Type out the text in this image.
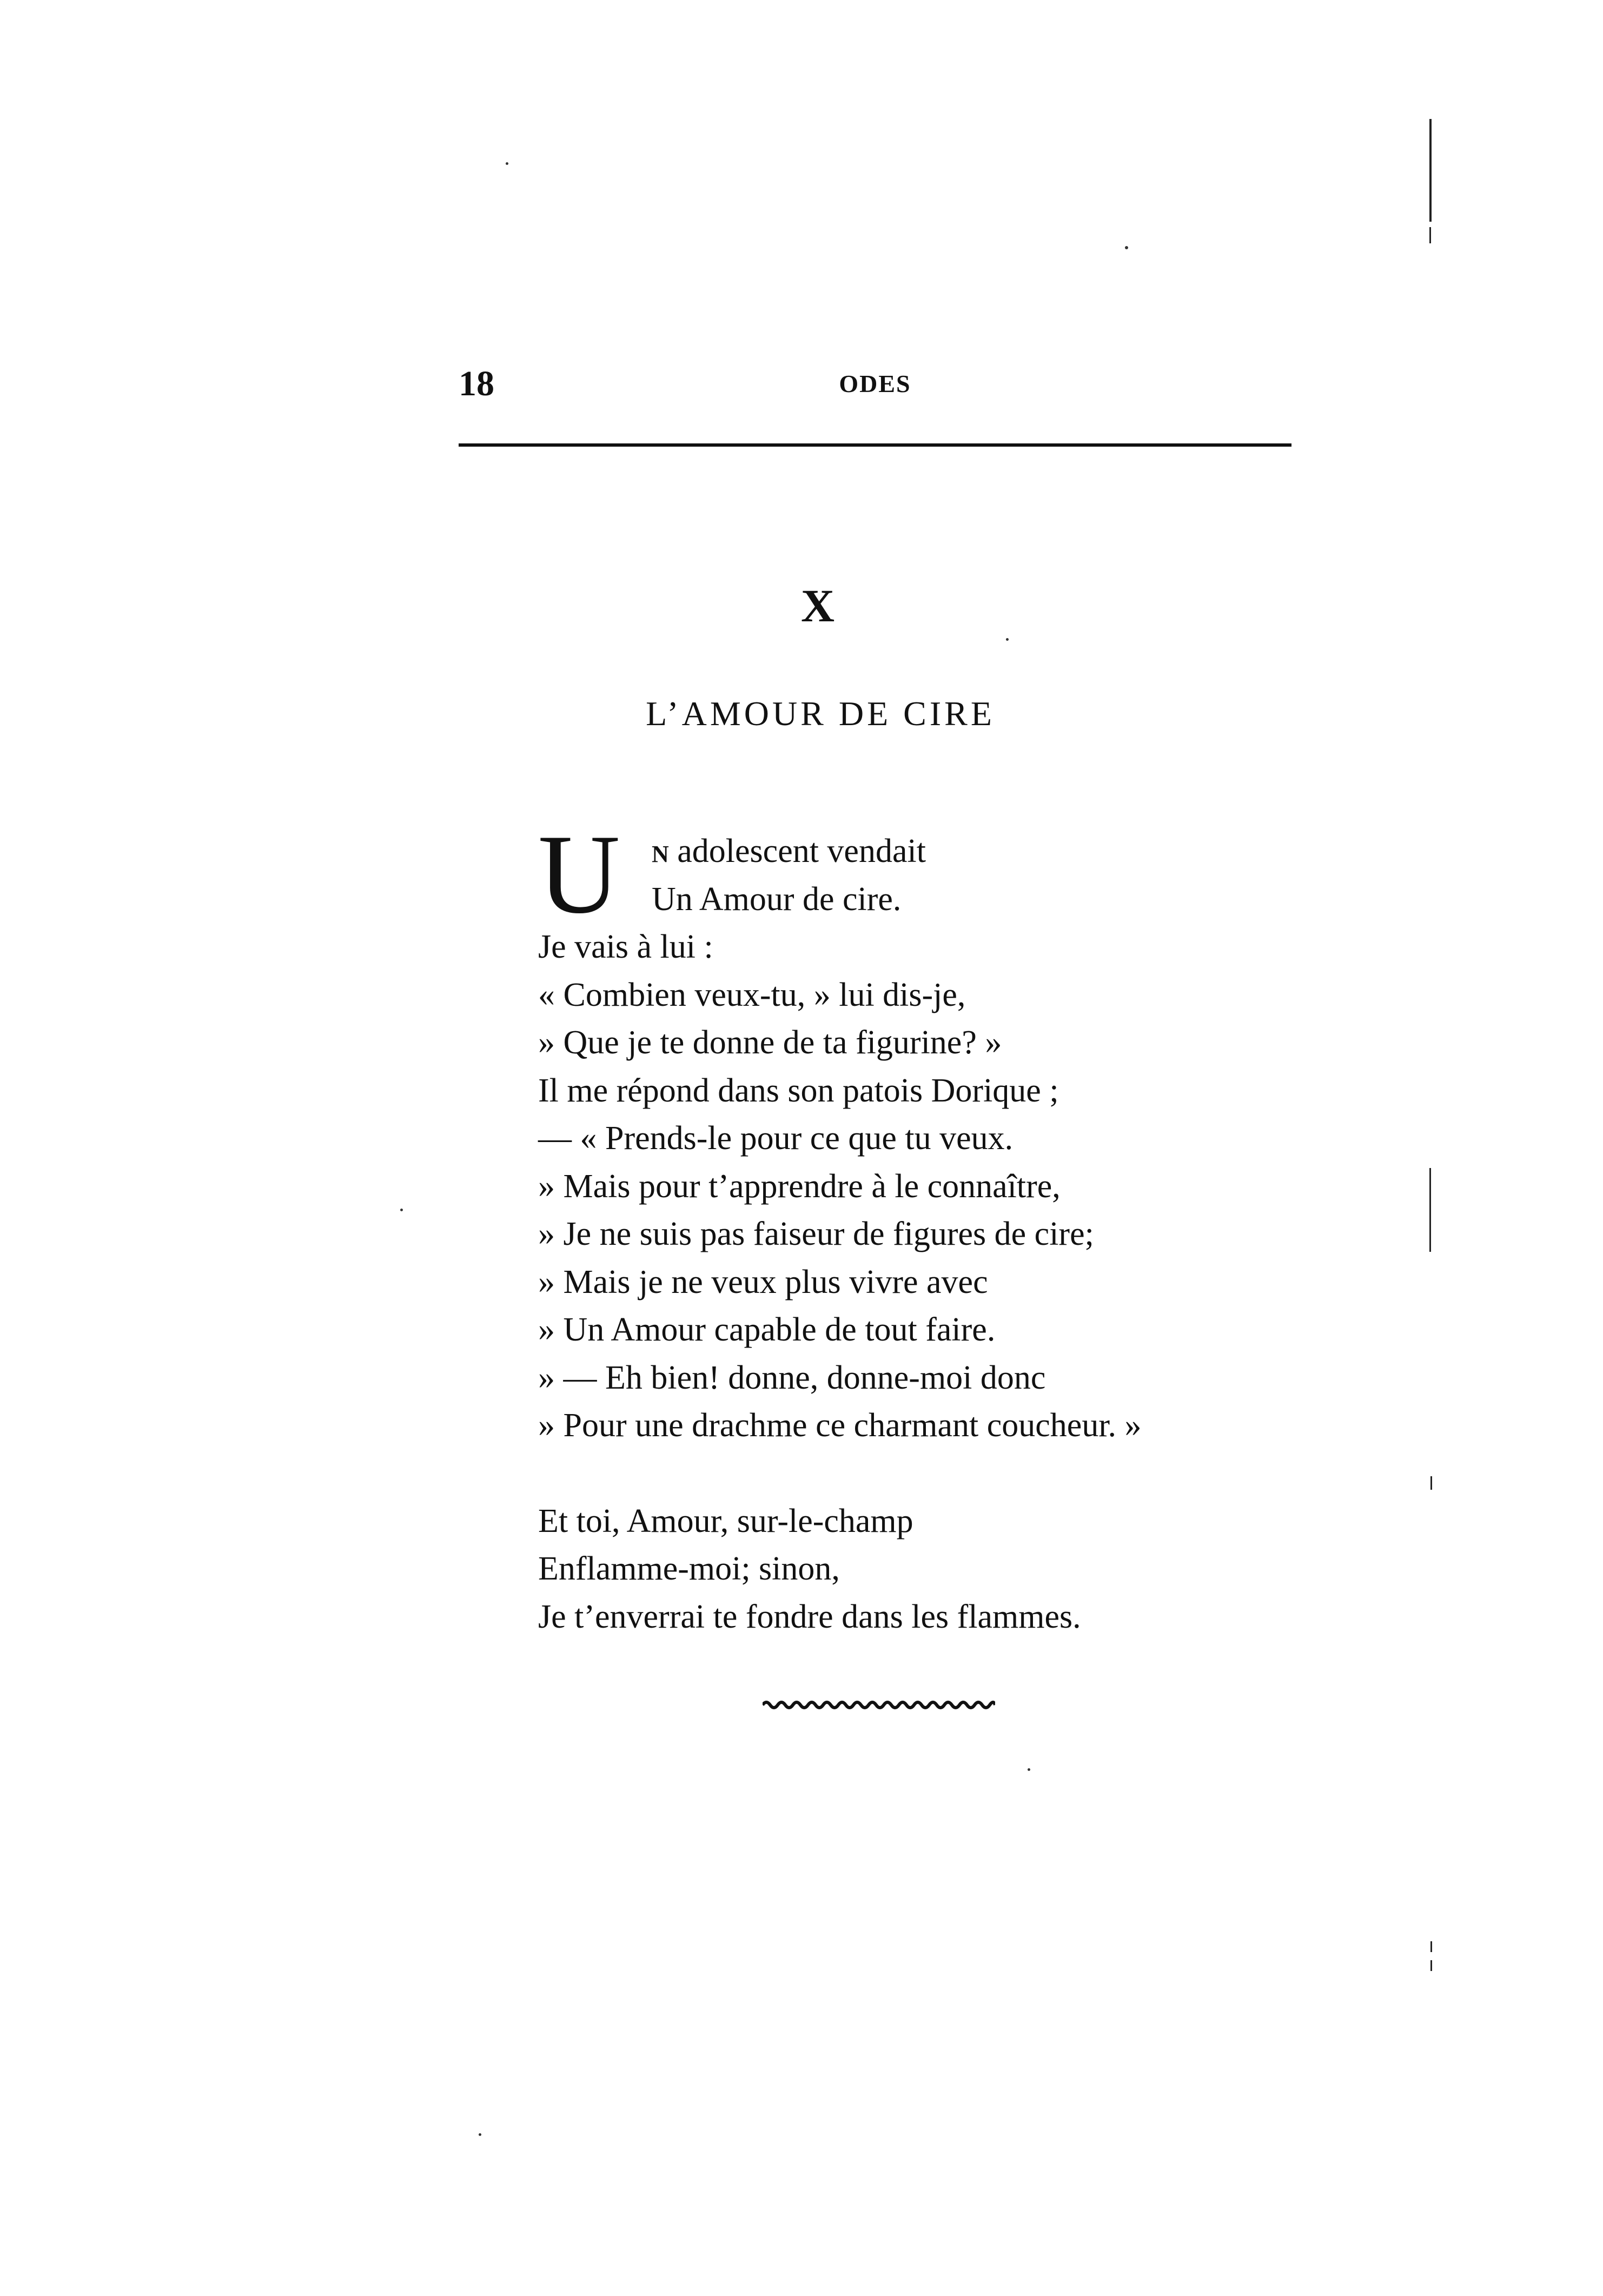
18	ODES
X
L’AMOUR DE CIRE
U N adolescent vendait
Un Amour de cire.
Je vais à lui :
« Combien veux-tu, » lui dis-je,
» Que je te donne de ta figurine? »
Il me répond dans son patois Dorique ;
— « Prends-le pour ce que tu veux.
» Mais pour t’apprendre à le connaître,
» Je ne suis pas faiseur de figures de cire;
» Mais je ne veux plus vivre avec
» Un Amour capable de tout faire.
» — Eh bien! donne, donne-moi donc
» Pour une drachme ce charmant coucheur. »
Et toi, Amour, sur-le-champ
Enflamme-moi; sinon,
Je t’enverrai te fondre dans les flammes.
